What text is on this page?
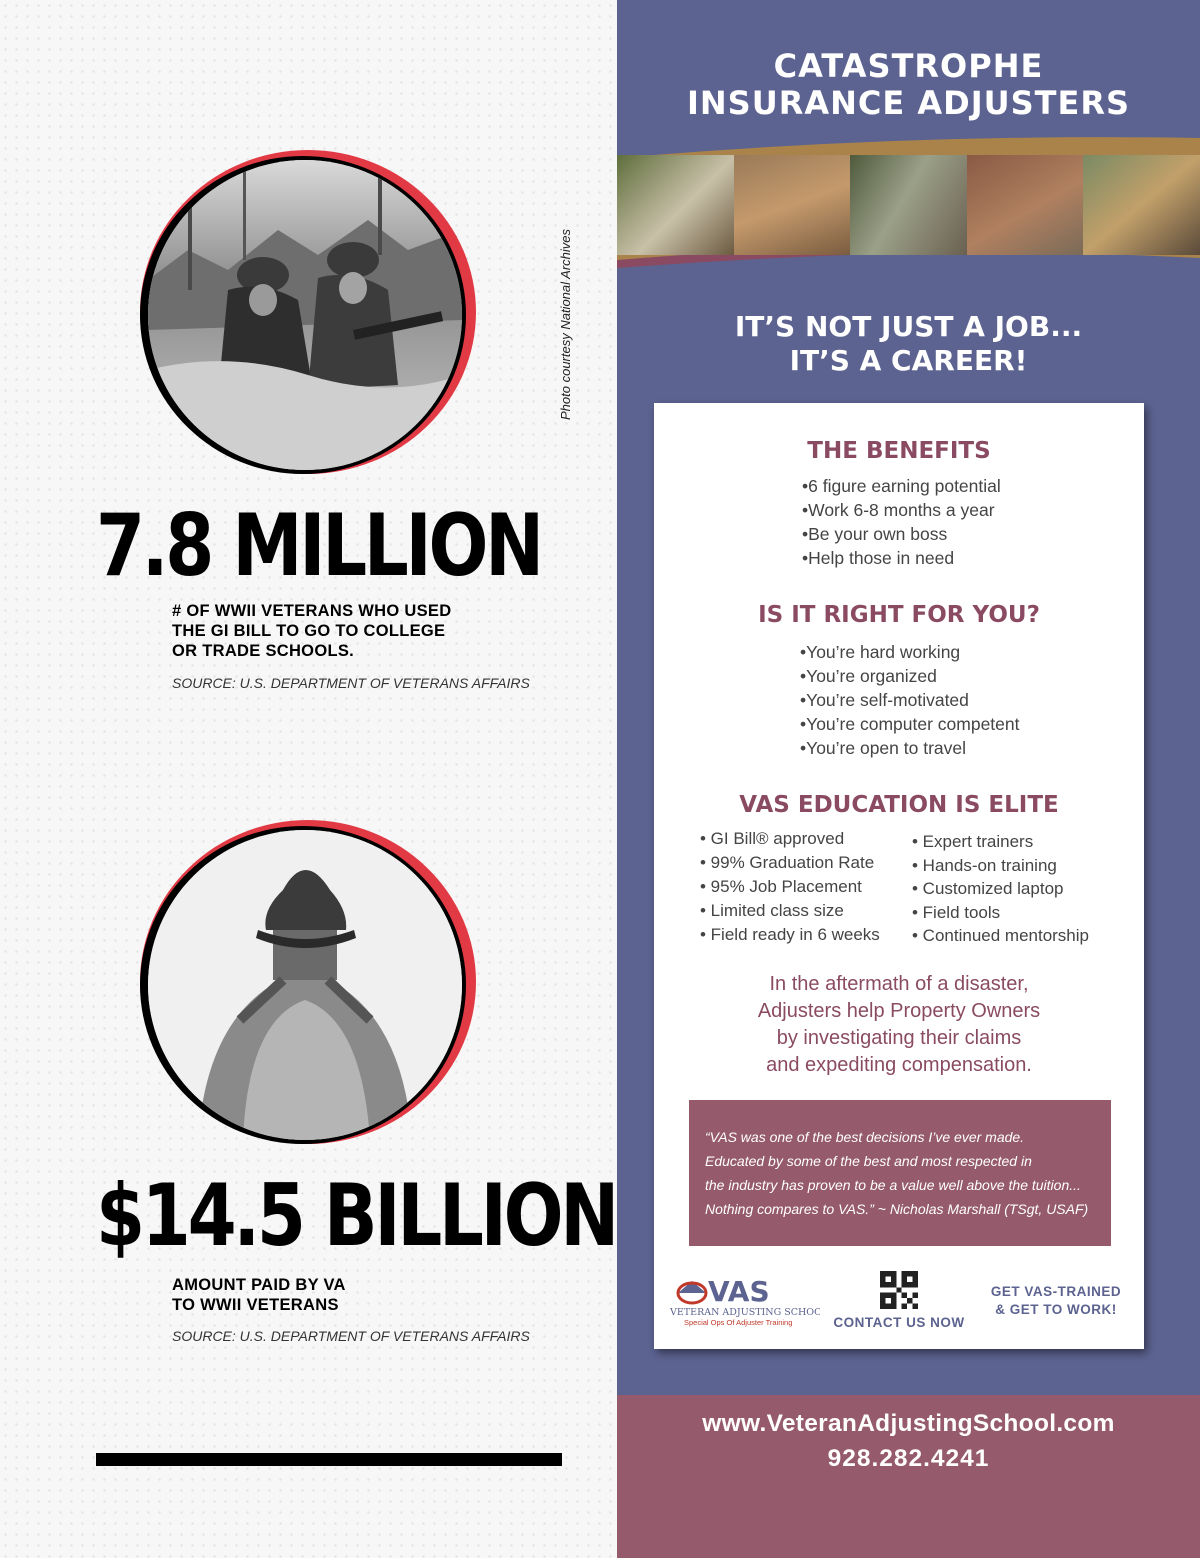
Photo courtesy National Archives
7.8 MILLION
# OF WWII VETERANS WHO USED
THE GI BILL TO GO TO COLLEGE
OR TRADE SCHOOLS.
SOURCE: U.S. DEPARTMENT OF VETERANS AFFAIRS
$14.5 BILLION
AMOUNT PAID BY VA
TO WWII VETERANS
SOURCE: U.S. DEPARTMENT OF VETERANS AFFAIRS
CATASTROPHE
INSURANCE ADJUSTERS
IT’S NOT JUST A JOB...
IT’S A CAREER!
THE BENEFITS
•6 figure earning potential
•Work 6-8 months a year
•Be your own boss
•Help those in need
IS IT RIGHT FOR YOU?
•You’re hard working
•You’re organized
•You’re self-motivated
•You’re computer competent
•You’re open to travel
VAS EDUCATION IS ELITE
• GI Bill® approved
• 99% Graduation Rate
• 95% Job Placement
• Limited class size
• Field ready in 6 weeks
• Expert trainers
• Hands-on training
• Customized laptop
• Field tools
• Continued mentorship
In the aftermath of a disaster,
Adjusters help Property Owners
by investigating their claims
and expediting compensation.
“VAS was one of the best decisions I’ve ever made.
Educated by some of the best and most respected in
the industry has proven to be a value well above the tuition...
Nothing compares to VAS.” ~ Nicholas Marshall (TSgt, USAF)
VAS
VETERAN ADJUSTING SCHOOL
Special Ops Of Adjuster Training	CONTACT US NOW
GET VAS-TRAINED
& GET TO WORK!
www.VeteranAdjustingSchool.com
928.282.4241
